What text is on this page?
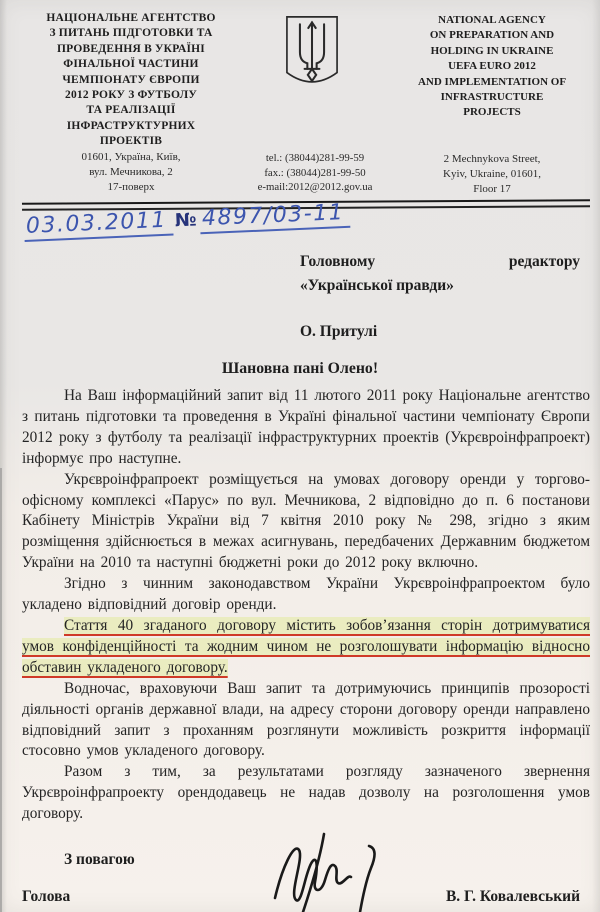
НАЦІОНАЛЬНЕ АГЕНТСТВО
З ПИТАНЬ ПІДГОТОВКИ ТА
ПРОВЕДЕННЯ В УКРАЇНІ
ФІНАЛЬНОЇ ЧАСТИНИ
ЧЕМПІОНАТУ ЄВРОПИ
2012 РОКУ З ФУТБОЛУ
ТА РЕАЛІЗАЦІЇ
ІНФРАСТРУКТУРНИХ
ПРОЕКТІВ
01601, Україна, Київ,
вул. Мечникова, 2
17-поверх
tel.: (38044)281-99-59
fax.: (38044)281-99-50
e-mail:2012@2012.gov.ua
NATIONAL AGENCY
ON PREPARATION AND
HOLDING IN UKRAINE
UEFA EURO 2012
AND IMPLEMENTATION OF
INFRASTRUCTURE
PROJECTS
2 Mechnykova Street,
Kyiv, Ukraine, 01601,
Floor 17
03.03.2011 № 4897/03-11
Головному редактору
«Української правди»
О. Притулі
Шановна пані Олено!

На Ваш інформаційний запит від 11 лютого 2011 року Національне агентство з питань підготовки та проведення в Україні фінальної частини чемпіонату Європи 2012 року з футболу та реалізації інфраструктурних проектів (Укрєвроінфрапроект) інформує про наступне.

Укрєвроінфрапроект розміщується на умовах договору оренди у торгово-офісному комплексі «Парус» по вул. Мечникова, 2 відповідно до п. 6 постанови Кабінету Міністрів України від 7 квітня 2010 року № 298, згідно з яким розміщення здійснюється в межах асигнувань, передбачених Державним бюджетом України на 2010 та наступні бюджетні роки до 2012 року включно.

Згідно з чинним законодавством України Укрєвроінфрапроектом було укладено відповідний договір оренди.

Стаття 40 згаданого договору містить зобов’язання сторін дотримуватися умов конфіденційності та жодним чином не розголошувати інформацію відносно обставин укладеного договору.

Водночас, враховуючи Ваш запит та дотримуючись принципів прозорості діяльності органів державної влади, на адресу сторони договору оренди направлено відповідний запит з проханням розглянути можливість розкриття інформації стосовно умов укладеного договору.

Разом з тим, за результатами розгляду зазначеного звернення Укрєвроінфрапроекту орендодавець не надав дозволу на розголошення умов договору.

З повагою
Голова	В. Г. Ковалевський
